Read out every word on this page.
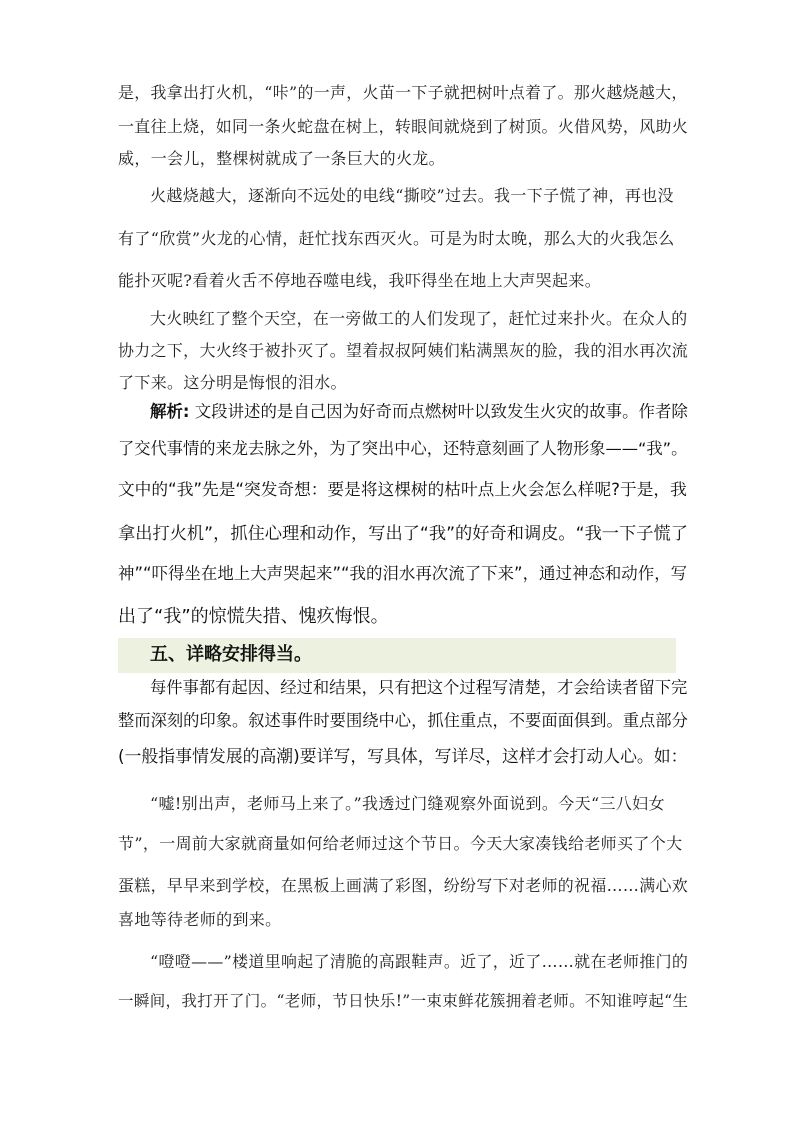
是，我拿出打火机，“咔”的一声，火苗一下子就把树叶点着了。那火越烧越大，
一直往上烧，如同一条火蛇盘在树上，转眼间就烧到了树顶。火借风势，风助火
威，一会儿，整棵树就成了一条巨大的火龙。
火越烧越大，逐渐向不远处的电线“撕咬”过去。我一下子慌了神，再也没
有了“欣赏”火龙的心情，赶忙找东西灭火。可是为时太晚，那么大的火我怎么
能扑灭呢?看着火舌不停地吞噬电线，我吓得坐在地上大声哭起来。
大火映红了整个天空，在一旁做工的人们发现了，赶忙过来扑火。在众人的
协力之下，大火终于被扑灭了。望着叔叔阿姨们粘满黑灰的脸，我的泪水再次流
了下来。这分明是悔恨的泪水。
解析: 文段讲述的是自己因为好奇而点燃树叶以致发生火灾的故事。作者除
了交代事情的来龙去脉之外，为了突出中心，还特意刻画了人物形象——“我”。
文中的“我”先是“突发奇想：要是将这棵树的枯叶点上火会怎么样呢?于是，我
拿出打火机”，抓住心理和动作，写出了“我”的好奇和调皮。“我一下子慌了
神”“吓得坐在地上大声哭起来”“我的泪水再次流了下来”，通过神态和动作，写
出了“我”的惊慌失措、愧疚悔恨。
五、详略安排得当。
每件事都有起因、经过和结果，只有把这个过程写清楚，才会给读者留下完
整而深刻的印象。叙述事件时要围绕中心，抓住重点，不要面面俱到。重点部分
(一般指事情发展的高潮)要详写，写具体，写详尽，这样才会打动人心。如：
“嘘!别出声，老师马上来了。”我透过门缝观察外面说到。今天“三八妇女
节”，一周前大家就商量如何给老师过这个节日。今天大家凑钱给老师买了个大
蛋糕，早早来到学校，在黑板上画满了彩图，纷纷写下对老师的祝福……满心欢
喜地等待老师的到来。
“噔噔——”楼道里响起了清脆的高跟鞋声。近了，近了……就在老师推门的
一瞬间，我打开了门。“老师，节日快乐!”一束束鲜花簇拥着老师。不知谁哼起“生
